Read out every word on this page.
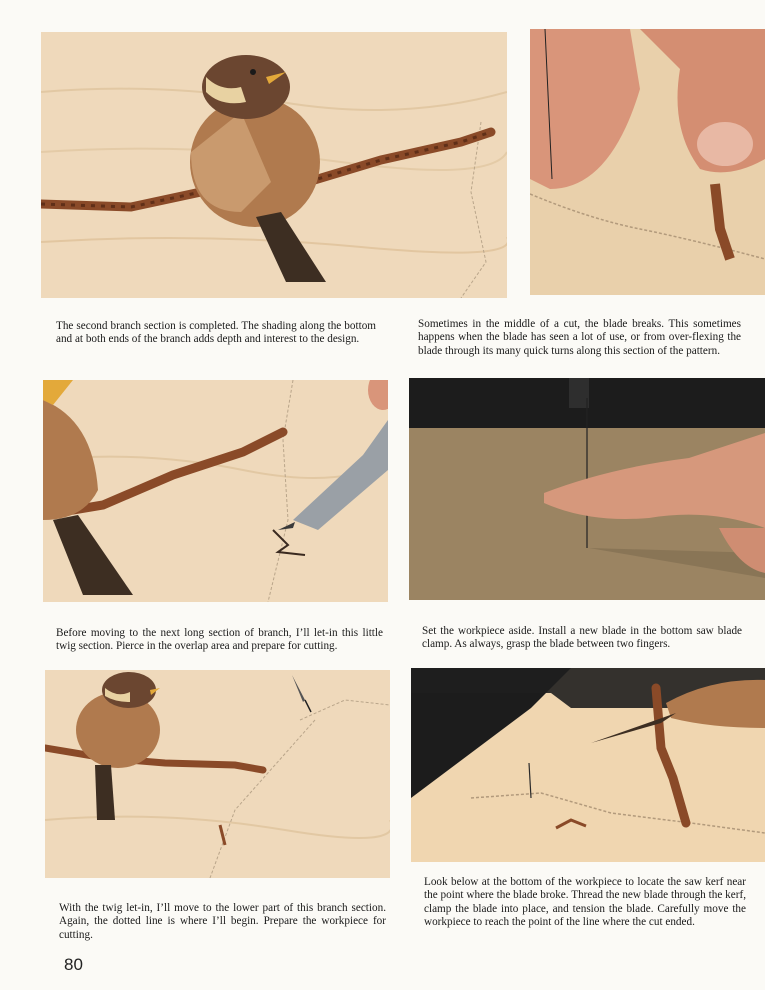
The second branch section is completed. The shading along the bottom and at both ends of the branch adds depth and interest to the design.

Sometimes in the middle of a cut, the blade breaks. This sometimes happens when the blade has seen a lot of use, or from over-flexing the blade through its many quick turns along this section of the pattern.

Before moving to the next long section of branch, I’ll let-in this little twig section. Pierce in the overlap area and prepare for cutting.

Set the workpiece aside. Install a new blade in the bottom saw blade clamp. As always, grasp the blade between two fingers.

With the twig let-in, I’ll move to the lower part of this branch section. Again, the dotted line is where I’ll begin. Prepare the workpiece for cutting.

Look below at the bottom of the workpiece to locate the saw kerf near the point where the blade broke. Thread the new blade through the kerf, clamp the blade into place, and tension the blade. Carefully move the workpiece to reach the point of the line where the cut ended.

80
